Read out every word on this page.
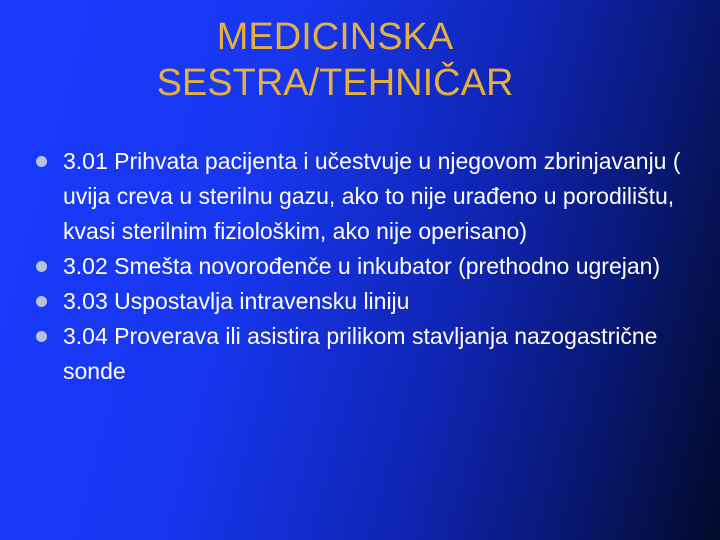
MEDICINSKA
SESTRA/TEHNIČAR
3.01 Prihvata pacijenta i učestvuje u njegovom zbrinjavanju ( uvija creva u sterilnu gazu, ako to nije urađeno u porodilištu, kvasi sterilnim fiziološkim, ako nije operisano)
3.02 Smešta novorođenče u inkubator (prethodno ugrejan)
3.03 Uspostavlja intravensku liniju
3.04 Proverava ili asistira prilikom stavljanja nazogastrične sonde
